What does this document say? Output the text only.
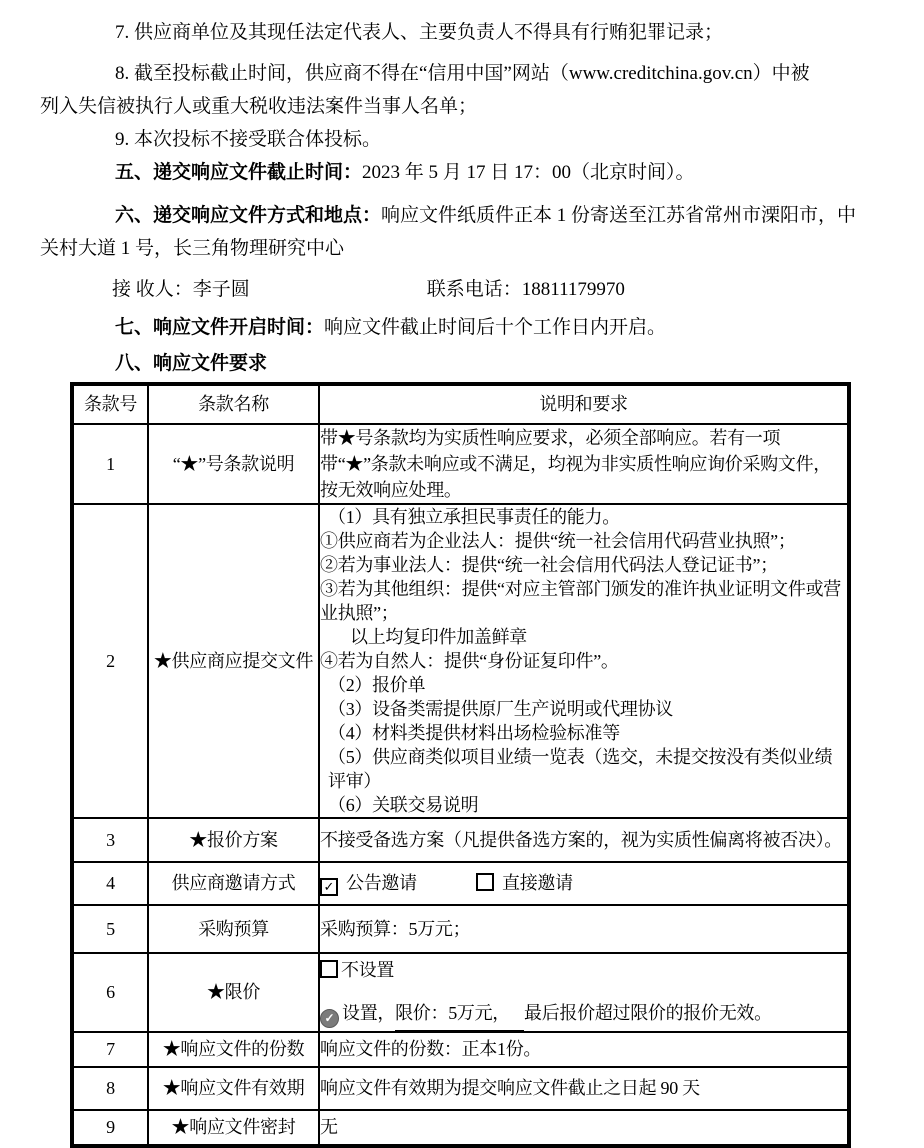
7. 供应商单位及其现任法定代表人、主要负责人不得具有行贿犯罪记录；
8. 截至投标截止时间，供应商不得在“信用中国”网站（www.creditchina.gov.cn）中被
列入失信被执行人或重大税收违法案件当事人名单；
9. 本次投标不接受联合体投标。
五、递交响应文件截止时间：2023 年 5 月 17 日 17：00（北京时间）。
六、递交响应文件方式和地点：响应文件纸质件正本 1 份寄送至江苏省常州市溧阳市，中
关村大道 1 号，长三角物理研究中心
接 收人：李子圆	联系电话：18811179970
七、响应文件开启时间：响应文件截止时间后十个工作日内开启。
八、响应文件要求
条款号	条款名称	说明和要求
1	“★”号条款说明	带★号条款均为实质性响应要求，必须全部响应。若有一项带“★”条款未响应或不满足，均视为非实质性响应询价采购文件，按无效响应处理。
2	★供应商应提交文件	
（1）具有独立承担民事责任的能力。
①供应商若为企业法人：提供“统一社会信用代码营业执照”；
②若为事业法人：提供“统一社会信用代码法人登记证书”；
③若为其他组织：提供“对应主管部门颁发的准许执业证明文件或营业执照”；
以上均复印件加盖鲜章
④若为自然人：提供“身份证复印件”。
（2）报价单
（3）设备类需提供原厂生产说明或代理协议
（4）材料类提供材料出场检验标准等
（5）供应商类似项目业绩一览表（选交，未提交按没有类似业绩评审）
（6）关联交易说明

3	★报价方案	不接受备选方案（凡提供备选方案的，视为实质性偏离将被否决）。
4	供应商邀请方式	✓ 公告邀请 直接邀请
5	采购预算	采购预算：5万元；
6	★限价	不设置
✓ 设置，限价：5万元， 最后报价超过限价的报价无效。

7	★响应文件的份数	响应文件的份数：正本1份。
8	★响应文件有效期	响应文件有效期为提交响应文件截止之日起 90 天
9	★响应文件密封	无
